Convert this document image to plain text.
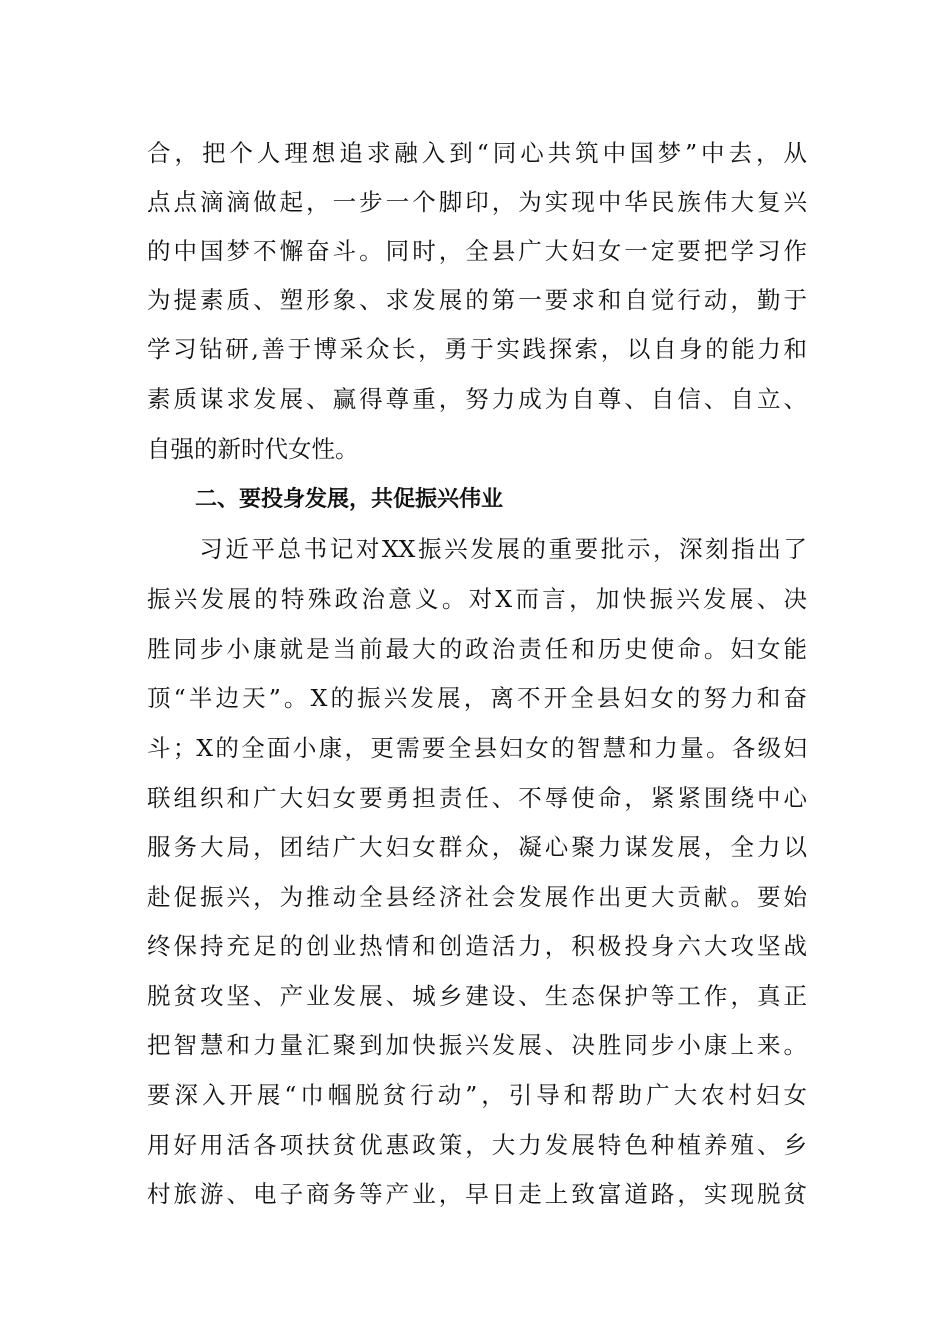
合，把个人理想追求融入到“同心共筑中国梦”中去，从
点点滴滴做起，一步一个脚印，为实现中华民族伟大复兴
的中国梦不懈奋斗。同时，全县广大妇女一定要把学习作
为提素质、塑形象、求发展的第一要求和自觉行动，勤于
学习钻研,善于博采众长，勇于实践探索，以自身的能力和
素质谋求发展、赢得尊重，努力成为自尊、自信、自立、
自强的新时代女性。
二、要投身发展，共促振兴伟业
　　习近平总书记对XX振兴发展的重要批示，深刻指出了
振兴发展的特殊政治意义。对X而言，加快振兴发展、决
胜同步小康就是当前最大的政治责任和历史使命。妇女能
顶“半边天”。X的振兴发展，离不开全县妇女的努力和奋
斗；X的全面小康，更需要全县妇女的智慧和力量。各级妇
联组织和广大妇女要勇担责任、不辱使命，紧紧围绕中心
服务大局，团结广大妇女群众，凝心聚力谋发展，全力以
赴促振兴，为推动全县经济社会发展作出更大贡献。要始
终保持充足的创业热情和创造活力，积极投身六大攻坚战
脱贫攻坚、产业发展、城乡建设、生态保护等工作，真正
把智慧和力量汇聚到加快振兴发展、决胜同步小康上来。
要深入开展“巾帼脱贫行动”，引导和帮助广大农村妇女
用好用活各项扶贫优惠政策，大力发展特色种植养殖、乡
村旅游、电子商务等产业，早日走上致富道路，实现脱贫
